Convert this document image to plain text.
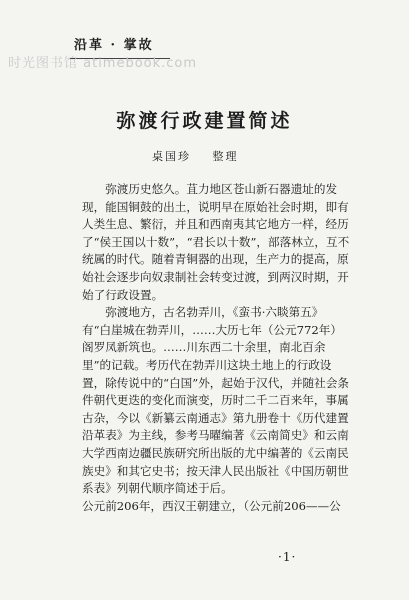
沿革 · 掌故
时光图书馆 atimebook.com
弥渡行政建置简述
桌国珍 整理

弥渡历史悠久。苴力地区苍山新石器遗址的发现，能国铜鼓的出土，说明早在原始社会时期，即有人类生息、繁衍，并且和西南夷其它地方一样，经历了“侯王国以十数”，“君长以十数”，部落林立，互不统属的时代。随着青铜器的出现，生产力的提高，原始社会逐步向奴隶制社会转变过渡，到两汉时期，开始了行政设置。

弥渡地方，古名勃弄川，《蛮书·六睒第五》有“白崖城在勃弄川，……大历七年（公元772年）阁罗凤新筑也。……川东西二十余里，南北百余里”的记载。考历代在勃弄川这块土地上的行政设置，除传说中的“白国”外，起始于汉代，并随社会条件朝代更迭的变化而演变，历时二千二百来年，事属古杂，今以《新纂云南通志》第九册卷十《历代建置沿革表》为主线，参考马曜编著《云南简史》和云南大学西南边疆民族研究所出版的尤中编著的《云南民族史》和其它史书；按天津人民出版社《中国历朝世系表》列朝代顺序简述于后。

公元前206年，西汉王朝建立，（公元前206——公

·1·
